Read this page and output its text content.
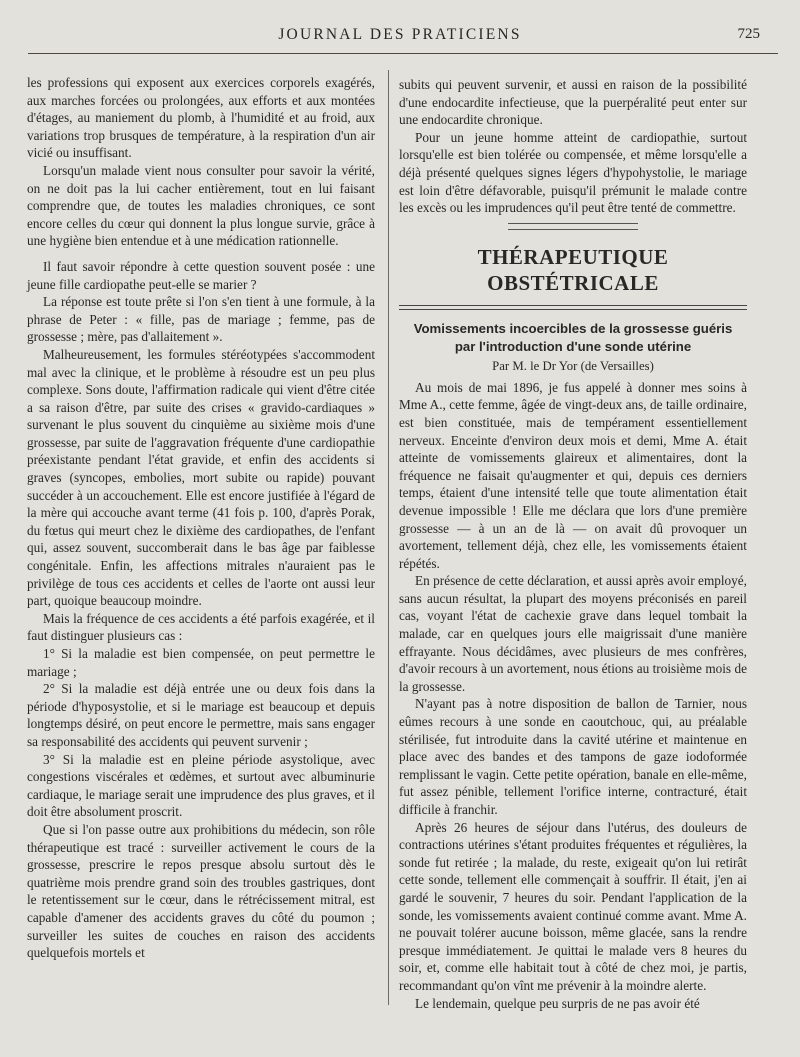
JOURNAL DES PRATICIENS	725

les professions qui exposent aux exercices corporels exagérés, aux marches forcées ou prolongées, aux efforts et aux montées d'étages, au maniement du plomb, à l'humidité et au froid, aux variations trop brusques de température, à la respiration d'un air vicié ou insuffisant.

Lorsqu'un malade vient nous consulter pour savoir la vérité, on ne doit pas la lui cacher entièrement, tout en lui faisant comprendre que, de toutes les maladies chroniques, ce sont encore celles du cœur qui donnent la plus longue survie, grâce à une hygiène bien entendue et à une médication rationnelle.

Il faut savoir répondre à cette question souvent posée : une jeune fille cardiopathe peut-elle se marier ?

La réponse est toute prête si l'on s'en tient à une formule, à la phrase de Peter : « fille, pas de mariage ; femme, pas de grossesse ; mère, pas d'allaitement ».

Malheureusement, les formules stéréotypées s'accommodent mal avec la clinique, et le problème à résoudre est un peu plus complexe. Sons doute, l'affirmation radicale qui vient d'être citée a sa raison d'être, par suite des crises « gravido-cardiaques » survenant le plus souvent du cinquième au sixième mois d'une grossesse, par suite de l'aggravation fréquente d'une cardiopathie préexistante pendant l'état gravide, et enfin des accidents si graves (syncopes, embolies, mort subite ou rapide) pouvant succéder à un accouchement. Elle est encore justifiée à l'égard de la mère qui accouche avant terme (41 fois p. 100, d'après Porak, du fœtus qui meurt chez le dixième des cardiopathes, de l'enfant qui, assez souvent, succomberait dans le bas âge par faiblesse congénitale. Enfin, les affections mitrales n'auraient pas le privilège de tous ces accidents et celles de l'aorte ont aussi leur part, quoique beaucoup moindre.

Mais la fréquence de ces accidents a été parfois exagérée, et il faut distinguer plusieurs cas :

1° Si la maladie est bien compensée, on peut permettre le mariage ;

2° Si la maladie est déjà entrée une ou deux fois dans la période d'hyposystolie, et si le mariage est beaucoup et depuis longtemps désiré, on peut encore le permettre, mais sans engager sa responsabilité des accidents qui peuvent survenir ;

3° Si la maladie est en pleine période asystolique, avec congestions viscérales et œdèmes, et surtout avec albuminurie cardiaque, le mariage serait une imprudence des plus graves, et il doit être absolument proscrit.

Que si l'on passe outre aux prohibitions du médecin, son rôle thérapeutique est tracé : surveiller activement le cours de la grossesse, prescrire le repos presque absolu surtout dès le quatrième mois prendre grand soin des troubles gastriques, dont le retentissement sur le cœur, dans le rétrécissement mitral, est capable d'amener des accidents graves du côté du poumon ; surveiller les suites de couches en raison des accidents quelquefois mortels et

subits qui peuvent survenir, et aussi en raison de la possibilité d'une endocardite infectieuse, que la puerpéralité peut enter sur une endocardite chronique.

Pour un jeune homme atteint de cardiopathie, surtout lorsqu'elle est bien tolérée ou compensée, et même lorsqu'elle a déjà présenté quelques signes légers d'hypohystolie, le mariage est loin d'être défavorable, puisqu'il prémunit le malade contre les excès ou les imprudences qu'il peut être tenté de commettre.

THÉRAPEUTIQUE OBSTÉTRICALE
Vomissements incoercibles de la grossesse guéris
par l'introduction d'une sonde utérine
Par M. le Dr Yor (de Versailles)

Au mois de mai 1896, je fus appelé à donner mes soins à Mme A., cette femme, âgée de vingt-deux ans, de taille ordinaire, est bien constituée, mais de tempérament essentiellement nerveux. Enceinte d'environ deux mois et demi, Mme A. était atteinte de vomissements glaireux et alimentaires, dont la fréquence ne faisait qu'augmenter et qui, depuis ces derniers temps, étaient d'une intensité telle que toute alimentation était devenue impossible ! Elle me déclara que lors d'une première grossesse — à un an de là — on avait dû provoquer un avortement, tellement déjà, chez elle, les vomissements étaient répétés.

En présence de cette déclaration, et aussi après avoir employé, sans aucun résultat, la plupart des moyens préconisés en pareil cas, voyant l'état de cachexie grave dans lequel tombait la malade, car en quelques jours elle maigrissait d'une manière effrayante. Nous décidâmes, avec plusieurs de mes confrères, d'avoir recours à un avortement, nous étions au troisième mois de la grossesse.

N'ayant pas à notre disposition de ballon de Tarnier, nous eûmes recours à une sonde en caoutchouc, qui, au préalable stérilisée, fut introduite dans la cavité utérine et maintenue en place avec des bandes et des tampons de gaze iodoformée remplissant le vagin. Cette petite opération, banale en elle-même, fut assez pénible, tellement l'orifice interne, contracturé, était difficile à franchir.

Après 26 heures de séjour dans l'utérus, des douleurs de contractions utérines s'étant produites fréquentes et régulières, la sonde fut retirée ; la malade, du reste, exigeait qu'on lui retirât cette sonde, tellement elle commençait à souffrir. Il était, j'en ai gardé le souvenir, 7 heures du soir. Pendant l'application de la sonde, les vomissements avaient continué comme avant. Mme A. ne pouvait tolérer aucune boisson, même glacée, sans la rendre presque immédiatement. Je quittai le malade vers 8 heures du soir, et, comme elle habitait tout à côté de chez moi, je partis, recommandant qu'on vînt me prévenir à la moindre alerte.

Le lendemain, quelque peu surpris de ne pas avoir été
